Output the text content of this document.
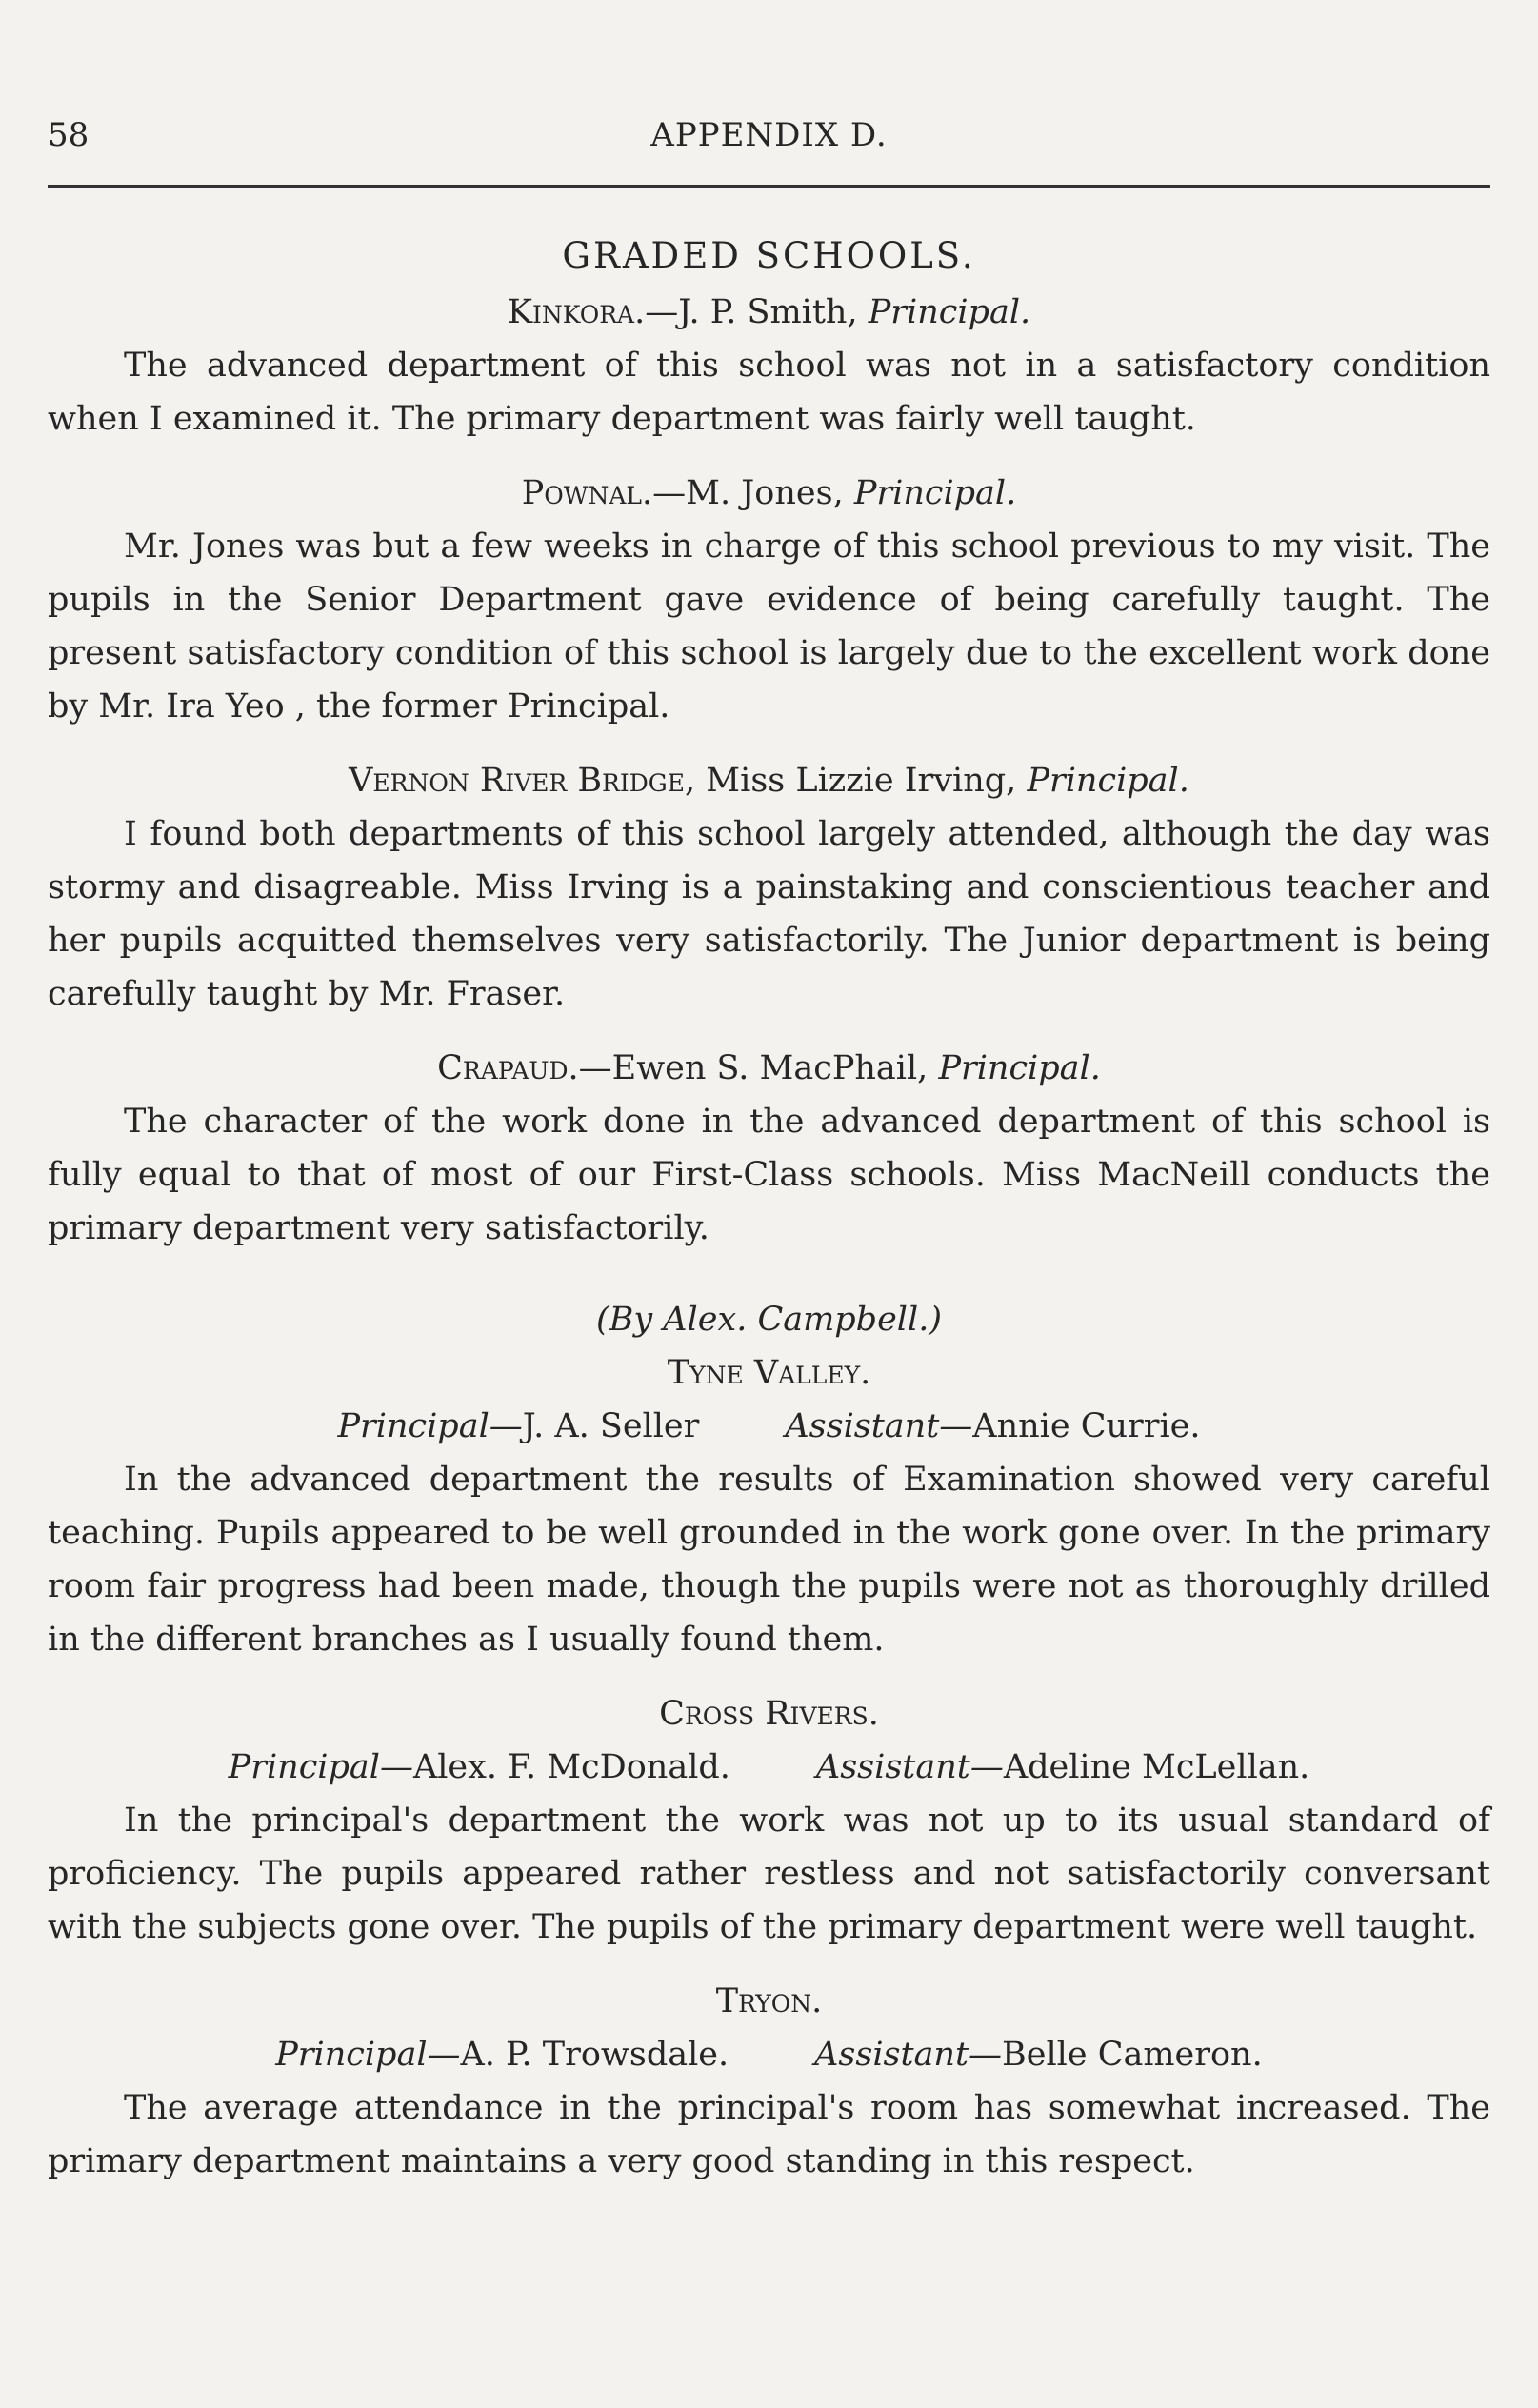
58	APPENDIX D.

GRADED SCHOOLS.

Kinkora.—J. P. Smith, Principal.

The advanced department of this school was not in a satisfactory condition when I examined it. The primary department was fairly well taught.

Pownal.—M. Jones, Principal.

Mr. Jones was but a few weeks in charge of this school previous to my visit. The pupils in the Senior Department gave evidence of being carefully taught. The present satisfactory condition of this school is largely due to the excellent work done by Mr. Ira Yeo , the former Principal.

Vernon River Bridge, Miss Lizzie Irving, Principal.

I found both departments of this school largely attended, although the day was stormy and disagreable. Miss Irving is a painstaking and conscientious teacher and her pupils acquitted themselves very satisfactorily. The Junior department is being carefully taught by Mr. Fraser.

Crapaud.—Ewen S. MacPhail, Principal.

The character of the work done in the advanced department of this school is fully equal to that of most of our First-Class schools. Miss MacNeill conducts the primary department very satisfactorily.

(By Alex. Campbell.)

Tyne Valley.

Principal—J. A. Seller	Assistant—Annie Currie.

In the advanced department the results of Examination showed very careful teaching. Pupils appeared to be well grounded in the work gone over. In the primary room fair progress had been made, though the pupils were not as thoroughly drilled in the different branches as I usually found them.

Cross Rivers.

Principal—Alex. F. McDonald.	Assistant—Adeline McLellan.

In the principal's department the work was not up to its usual standard of proficiency. The pupils appeared rather restless and not satisfactorily conversant with the subjects gone over. The pupils of the primary department were well taught.

Tryon.

Principal—A. P. Trowsdale.	Assistant—Belle Cameron.

The average attendance in the principal's room has somewhat increased. The primary department maintains a very good standing in this respect.
